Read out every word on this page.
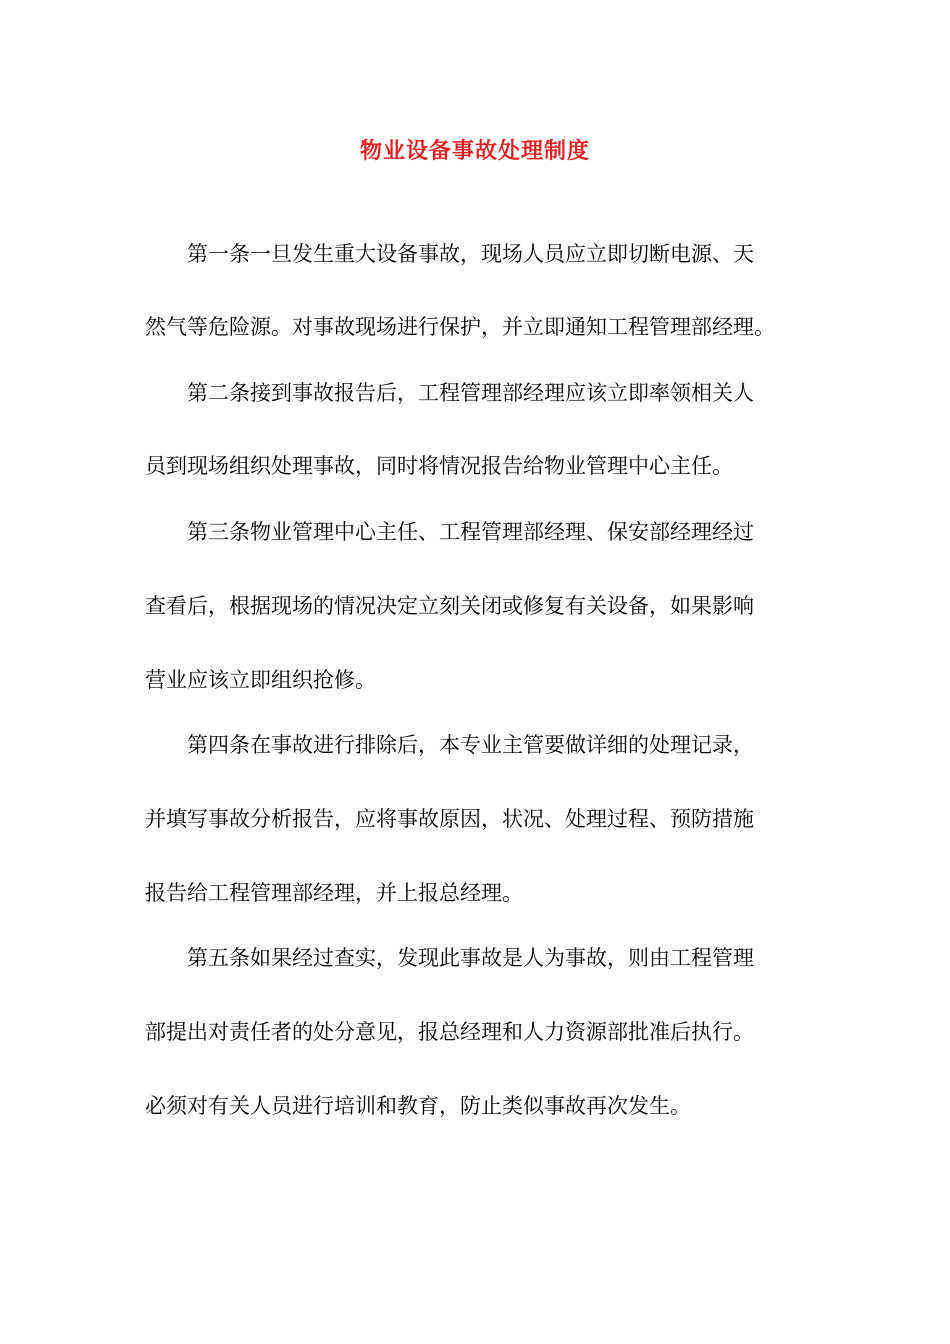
物业设备事故处理制度
第一条一旦发生重大设备事故，现场人员应立即切断电源、天
然气等危险源。对事故现场进行保护，并立即通知工程管理部经理。
第二条接到事故报告后，工程管理部经理应该立即率领相关人
员到现场组织处理事故，同时将情况报告给物业管理中心主任。
第三条物业管理中心主任、工程管理部经理、保安部经理经过
查看后，根据现场的情况决定立刻关闭或修复有关设备，如果影响
营业应该立即组织抢修。
第四条在事故进行排除后，本专业主管要做详细的处理记录，
并填写事故分析报告，应将事故原因，状况、处理过程、预防措施
报告给工程管理部经理，并上报总经理。
第五条如果经过查实，发现此事故是人为事故，则由工程管理
部提出对责任者的处分意见，报总经理和人力资源部批准后执行。
必须对有关人员进行培训和教育，防止类似事故再次发生。
